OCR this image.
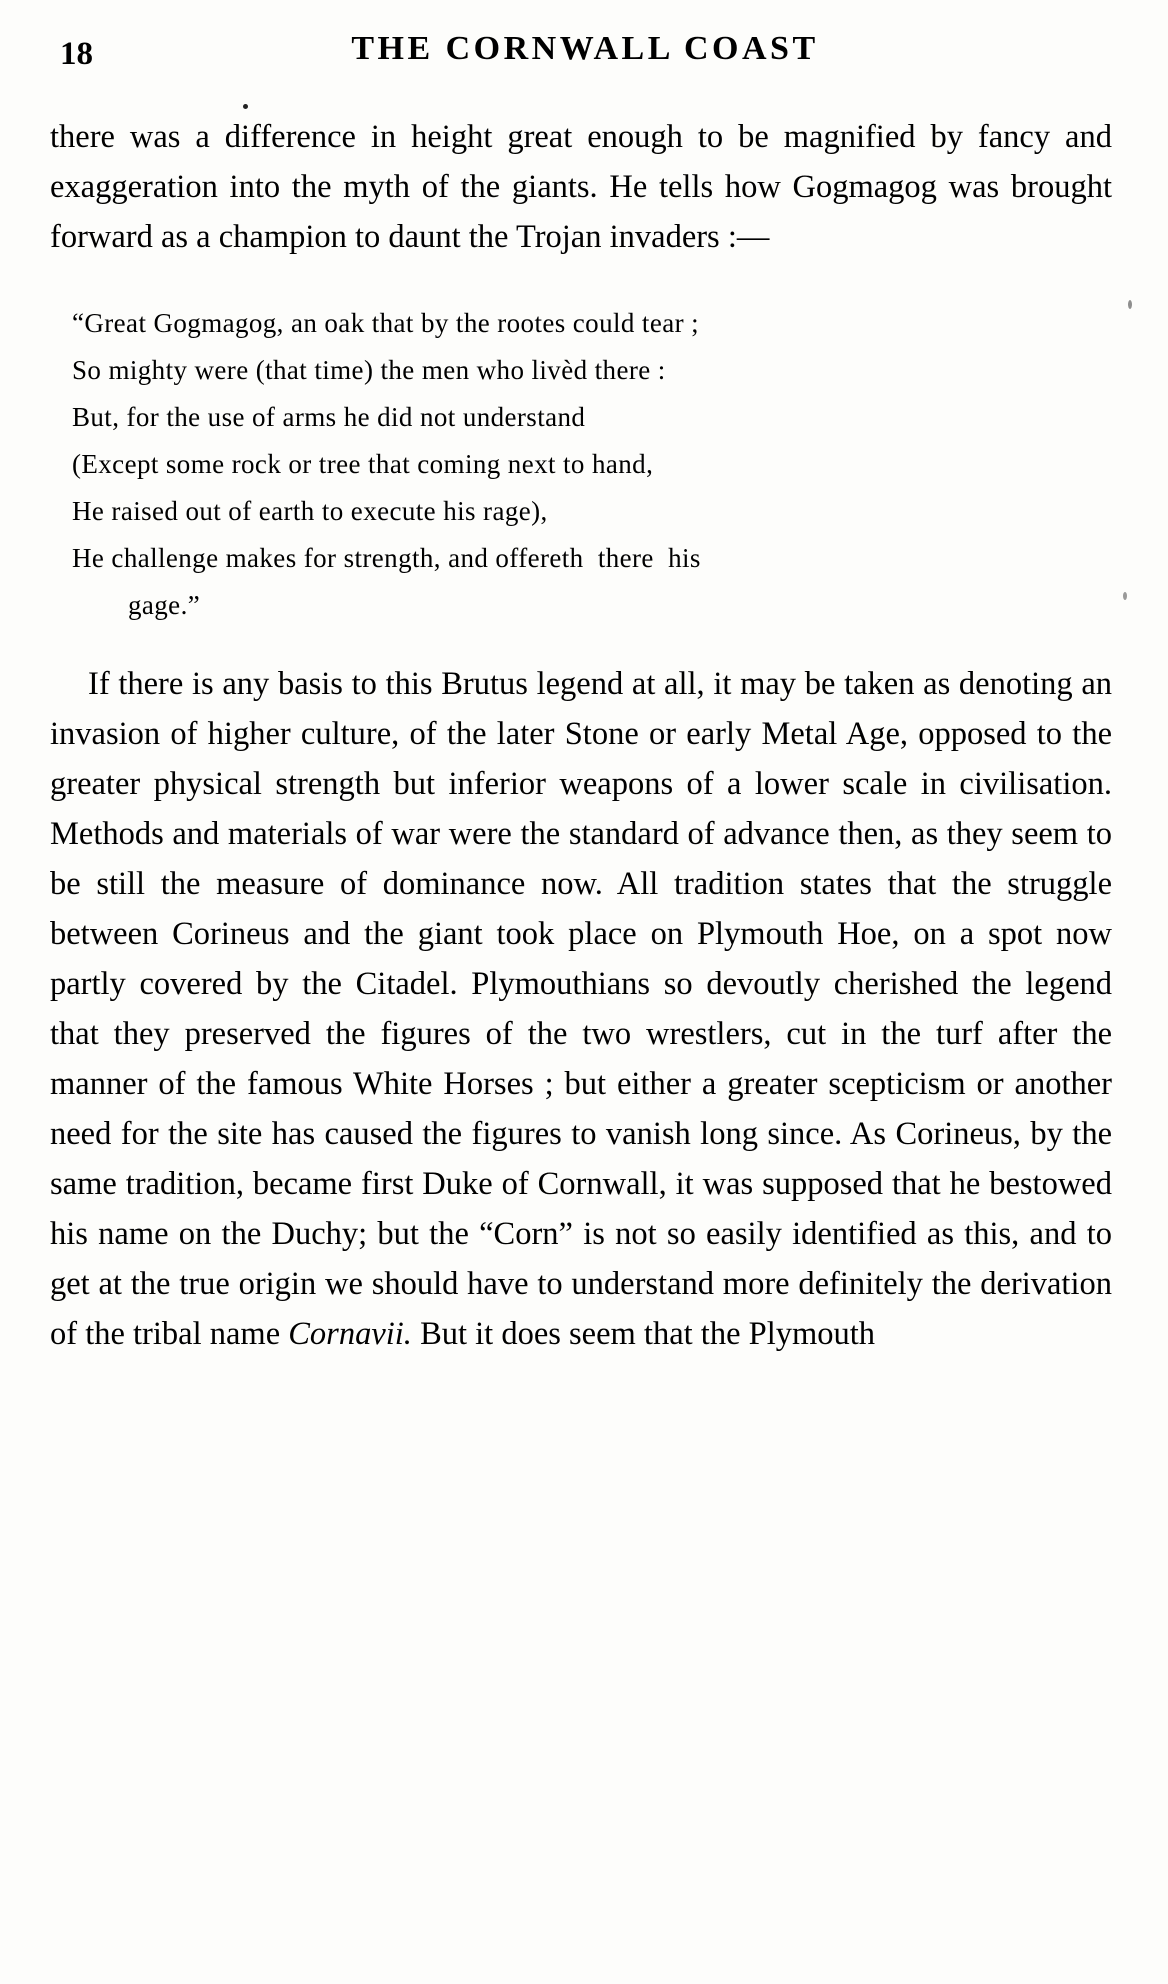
18	THE CORNWALL COAST

there was a difference in height great enough to be magnified by fancy and exaggeration into the myth of the giants. He tells how Gogmagog was brought forward as a champion to daunt the Trojan invaders :—

“Great Gogmagog, an oak that by the rootes could tear ;
So mighty were (that time) the men who livèd there :
But, for the use of arms he did not understand
(Except some rock or tree that coming next to hand,
He raised out of earth to execute his rage),
He challenge makes for strength, and offereth  there  his
gage.”

If there is any basis to this Brutus legend at all, it may be taken as denoting an invasion of higher culture, of the later Stone or early Metal Age, opposed to the greater physical strength but inferior weapons of a lower scale in civilisation. Methods and materials of war were the standard of advance then, as they seem to be still the measure of dominance now. All tradition states that the struggle between Corineus and the giant took place on Plymouth Hoe, on a spot now partly covered by the Citadel. Plymouthians so devoutly cherished the legend that they preserved the figures of the two wrestlers, cut in the turf after the manner of the famous White Horses ; but either a greater scepticism or another need for the site has caused the figures to vanish long since. As Corineus, by the same tradition, became first Duke of Cornwall, it was supposed that he bestowed his name on the Duchy; but the “Corn” is not so easily identified as this, and to get at the true origin we should have to understand more definitely the derivation of the tribal name Cornavii. But it does seem that the Plymouth
